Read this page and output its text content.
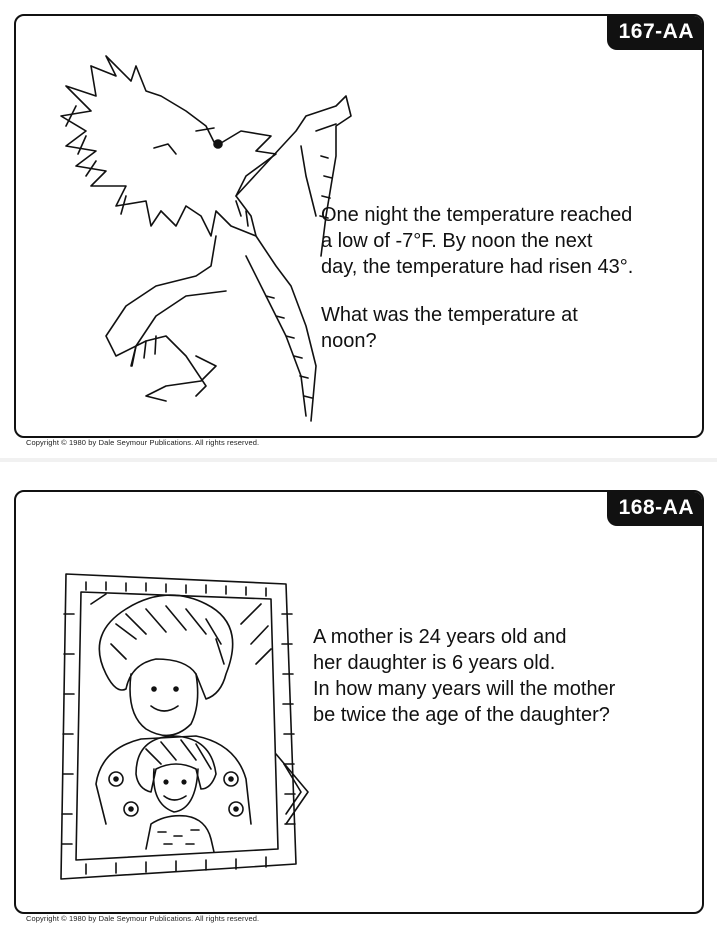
167-AA

One night the temperature reached

a low of -7°F. By noon the next

day, the temperature had risen 43°.

What was the temperature at

noon?

Copyright © 1980 by Dale Seymour Publications. All rights reserved.
168-AA

A mother is 24 years old and

her daughter is 6 years old.

In how many years will the mother

be twice the age of the daughter?

Copyright © 1980 by Dale Seymour Publications. All rights reserved.
